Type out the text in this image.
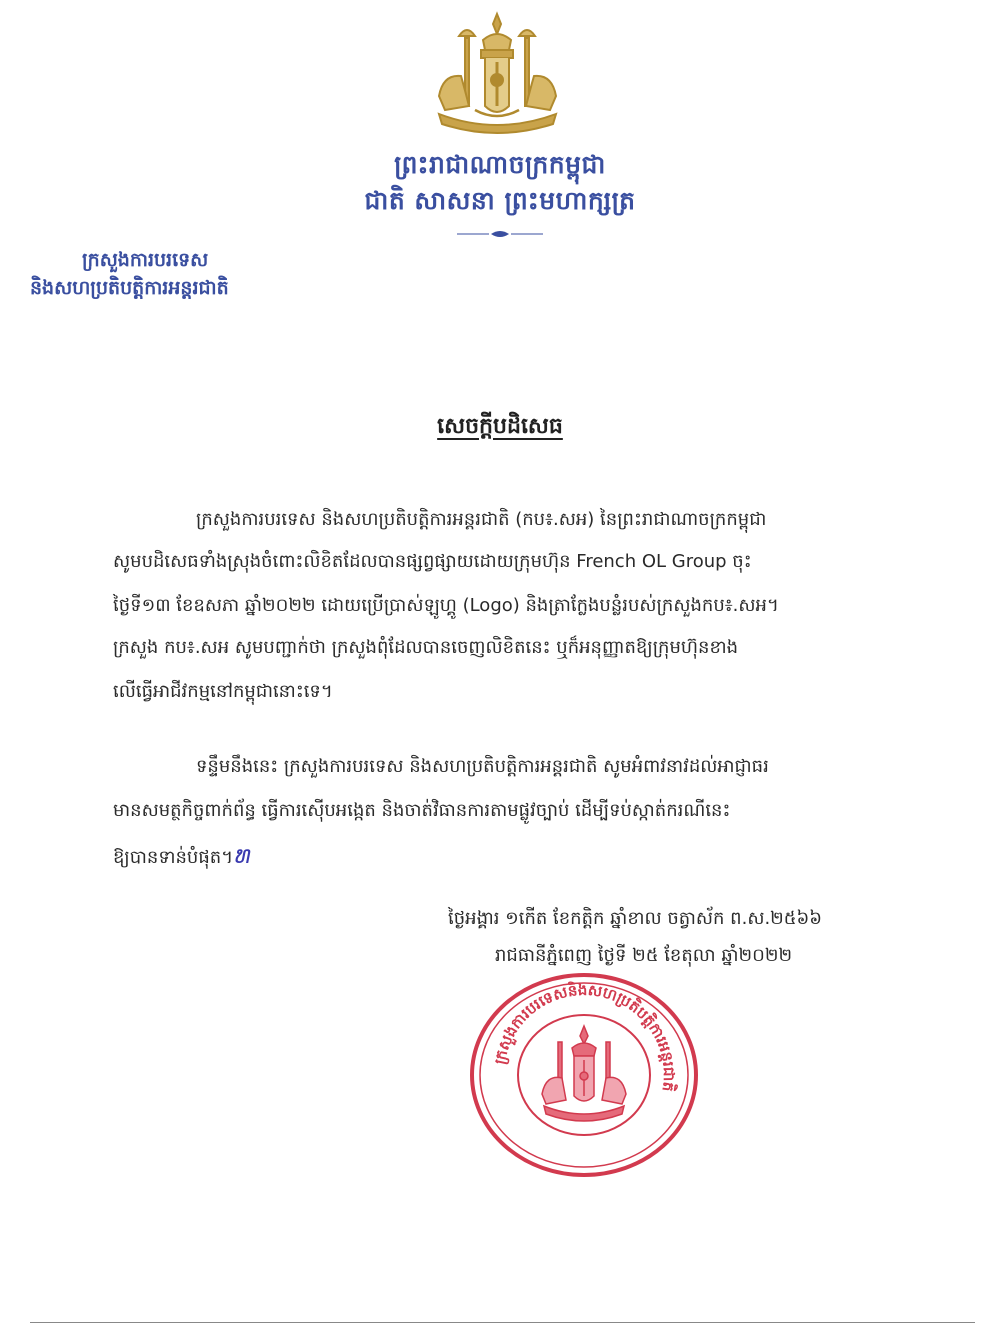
ព្រះរាជាណាចក្រកម្ពុជា
ជាតិ សាសនា ព្រះមហាក្សត្រ
ក្រសួងការបរទេស
និងសហប្រតិបត្តិការអន្តរជាតិ
សេចក្តីបដិសេធ
ក្រសួងការបរទេស និងសហប្រតិបត្តិការអន្តរជាតិ (កប៖.សអ) នៃព្រះរាជាណាចក្រកម្ពុជា
សូមបដិសេធទាំងស្រុងចំពោះលិខិតដែលបានផ្សព្វផ្សាយដោយក្រុមហ៊ុន French OL Group ចុះ
ថ្ងៃទី១៣ ខែឧសភា ឆ្នាំ២០២២ ដោយប្រើប្រាស់ឡូហ្គូ (Logo) និងត្រាក្លែងបន្លំរបស់ក្រសួងកប៖.សអ។
ក្រសួង កប៖.សអ សូមបញ្ជាក់ថា ក្រសួងពុំដែលបានចេញលិខិតនេះ ឬក៏អនុញ្ញាតឱ្យក្រុមហ៊ុនខាង
លើធ្វើអាជីវកម្មនៅកម្ពុជានោះទេ។
ទន្ទឹមនឹងនេះ ក្រសួងការបរទេស និងសហប្រតិបត្តិការអន្តរជាតិ សូមអំពាវនាវដល់អាជ្ញាធរ
មានសមត្ថកិច្ចពាក់ព័ន្ធ ធ្វើការស៊ើបអង្កេត និងចាត់វិធានការតាមផ្លូវច្បាប់ ដើម្បីទប់ស្កាត់ករណីនេះ
ឱ្យបានទាន់បំផុត។ທ
ថ្ងៃអង្គារ ១កើត ខែកត្តិក ឆ្នាំខាល ចត្វាស័ក ព.ស.២៥៦៦
រាជធានីភ្នំពេញ ថ្ងៃទី ២៥ ខែតុលា ឆ្នាំ២០២២
ក្រសួងការបរទេសនិងសហប្រតិបត្តិការអន្តរជាតិ
